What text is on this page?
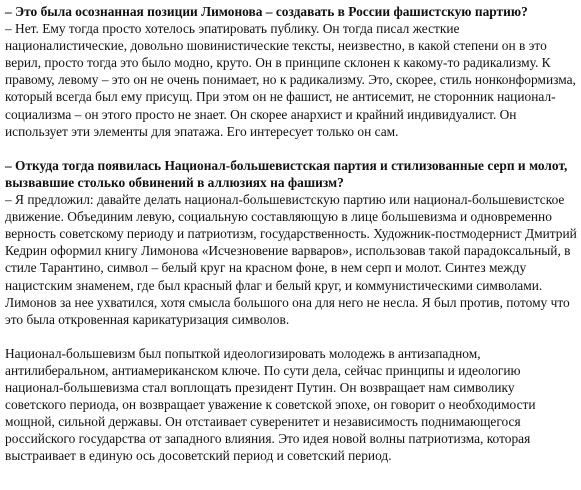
– Это была осознанная позиции Лимонова – создавать в России фашистскую партию?

– Нет. Ему тогда просто хотелось эпатировать публику. Он тогда писал жесткие националистические, довольно шовинистические тексты, неизвестно, в какой степени он в это верил, просто тогда это было модно, круто. Он в принципе склонен к какому-то радикализму. К правому, левому – это он не очень понимает, но к радикализму. Это, скорее, стиль нонконформизма, который всегда был ему присущ. При этом он не фашист, не антисемит, не сторонник национал-социализма – он этого просто не знает. Он скорее анархист и крайний индивидуалист. Он использует эти элементы для эпатажа. Его интересует только он сам.

– Откуда тогда появилась Национал-большевистская партия и стилизованные серп и молот, вызвавшие столько обвинений в аллюзиях на фашизм?

– Я предложил: давайте делать национал-большевистскую партию или национал-большевистское движение. Объединим левую, социальную составляющую в лице большевизма и одновременно верность советскому периоду и патриотизм, государственность. Художник-постмодернист Дмитрий Кедрин оформил книгу Лимонова «Исчезновение варваров», использовав такой парадоксальный, в стиле Тарантино, символ – белый круг на красном фоне, в нем серп и молот. Синтез между нацистским знаменем, где был красный флаг и белый круг, и коммунистическими символами. Лимонов за нее ухватился, хотя смысла большого она для него не несла. Я был против, потому что это была откровенная карикатуризация символов.

Национал-большевизм был попыткой идеологизировать молодежь в антизападном, антилиберальном, антиамериканском ключе. По сути дела, сейчас принципы и идеологию национал-большевизма стал воплощать президент Путин. Он возвращает нам символику советского периода, он возвращает уважение к советской эпохе, он говорит о необходимости мощной, сильной державы. Он отстаивает суверенитет и независимость поднимающегося российского государства от западного влияния. Это идея новой волны патриотизма, которая выстраивает в единую ось досоветский период и советский период.
